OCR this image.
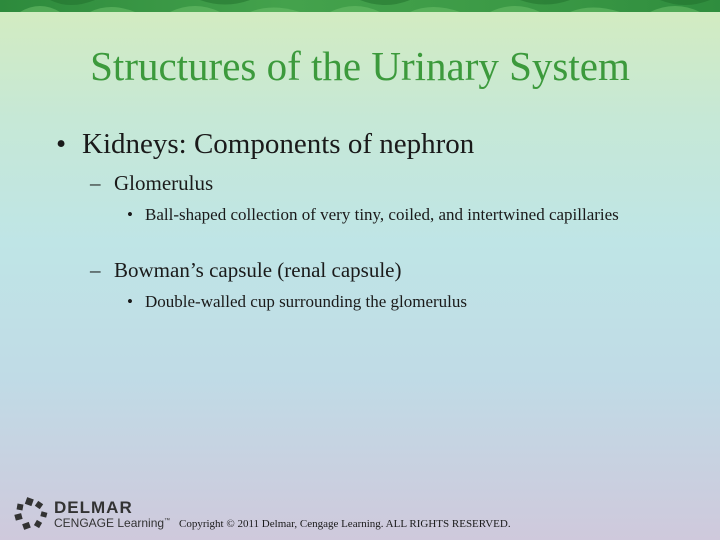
Structures of the Urinary System
• Kidneys: Components of nephron
– Glomerulus
• Ball-shaped collection of very tiny, coiled, and intertwined capillaries
– Bowman’s capsule (renal capsule)
• Double-walled cup surrounding the glomerulus
DELMAR
CENGAGE Learning™ Copyright © 2011 Delmar, Cengage Learning. ALL RIGHTS RESERVED.
